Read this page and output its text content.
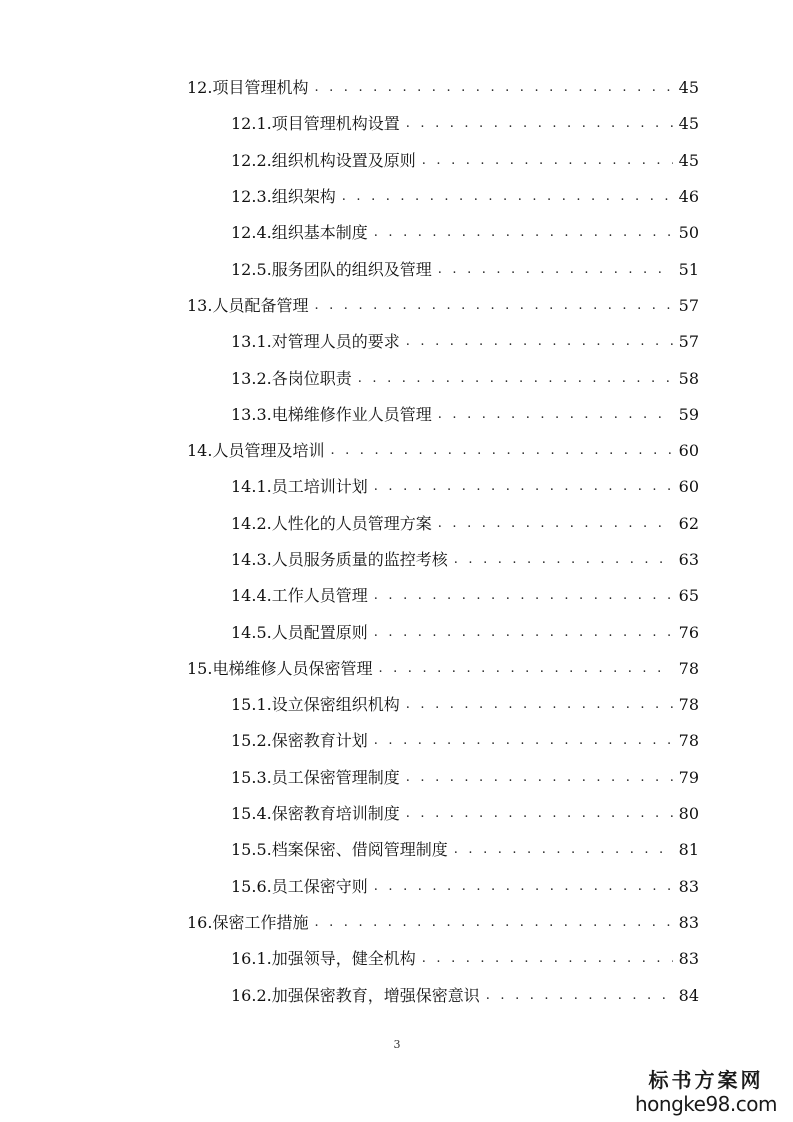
12. 项目管理机构 . . .	45
12.1. 项目管理机构设置 . . .	45
12.2. 组织机构设置及原则 . . .	45
12.3. 组织架构 . . .	46
12.4. 组织基本制度 . . .	50
12.5. 服务团队的组织及管理 . . .	51
13. 人员配备管理 . . .	57
13.1. 对管理人员的要求 . . .	57
13.2. 各岗位职责 . . .	58
13.3. 电梯维修作业人员管理 . . .	59
14. 人员管理及培训 . . .	60
14.1. 员工培训计划 . . .	60
14.2. 人性化的人员管理方案 . . .	62
14.3. 人员服务质量的监控考核 . . .	63
14.4. 工作人员管理 . . .	65
14.5. 人员配置原则 . . .	76
15. 电梯维修人员保密管理 . . .	78
15.1. 设立保密组织机构 . . .	78
15.2. 保密教育计划 . . .	78
15.3. 员工保密管理制度 . . .	79
15.4. 保密教育培训制度 . . .	80
15.5. 档案保密、借阅管理制度 . . .	81
15.6. 员工保密守则 . . .	83
16. 保密工作措施 . . .	83
16.1. 加强领导，健全机构 . . .	83
16.2. 加强保密教育，增强保密意识 . . .	84
3
标书方案网
hongke98.com
